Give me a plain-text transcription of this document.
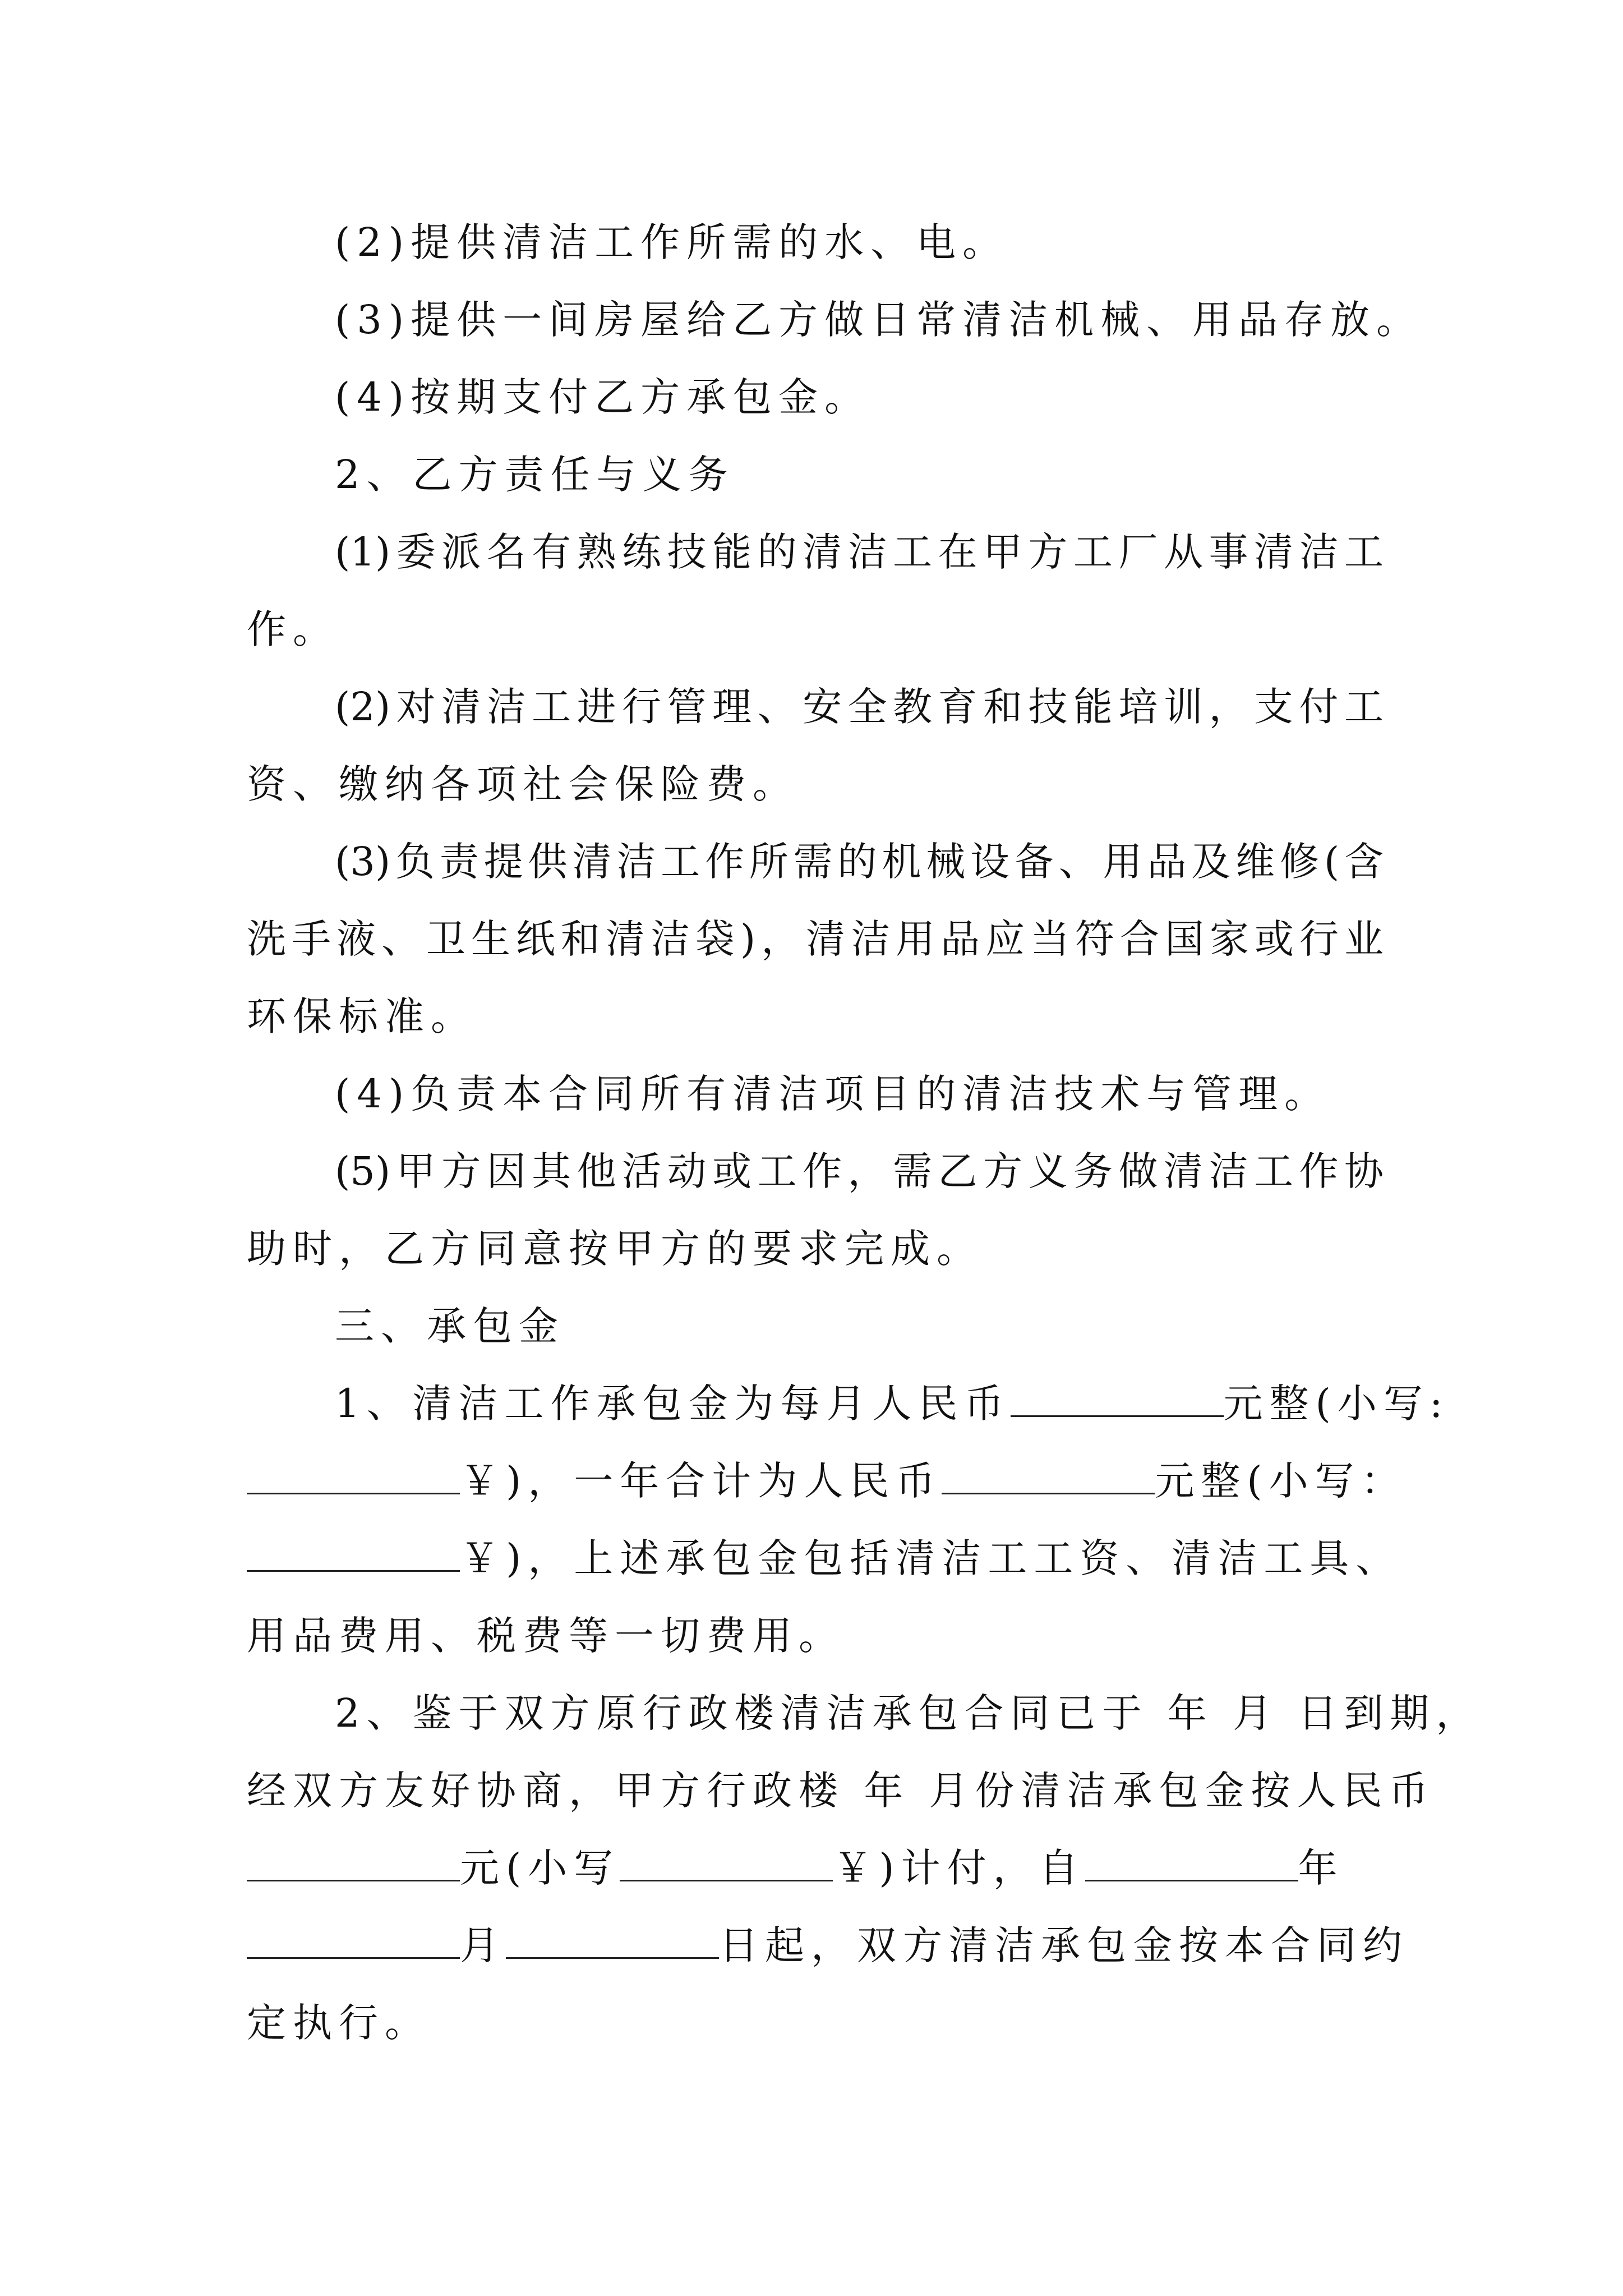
(2)提供清洁工作所需的水、电。

(3)提供一间房屋给乙方做日常清洁机械、用品存放。

(4)按期支付乙方承包金。

2、乙方责任与义务

(1)委派名有熟练技能的清洁工在甲方工厂从事清洁工

作。

(2)对清洁工进行管理、安全教育和技能培训，支付工

资、缴纳各项社会保险费。

(3)负责提供清洁工作所需的机械设备、用品及维修(含

洗手液、卫生纸和清洁袋)，清洁用品应当符合国家或行业

环保标准。

(4)负责本合同所有清洁项目的清洁技术与管理。

(5)甲方因其他活动或工作，需乙方义务做清洁工作协

助时，乙方同意按甲方的要求完成。

三、承包金

1、清洁工作承包金为每月人民币	元整(小写:

￥)，一年合计为人民币	元整(小写：

￥)，上述承包金包括清洁工工资、清洁工具、

用品费用、税费等一切费用。

2、鉴于双方原行政楼清洁承包合同已于 年 月 日到期，

经双方友好协商，甲方行政楼 年 月份清洁承包金按人民币

元(小写	￥)计付，自	年

月	日起，双方清洁承包金按本合同约

定执行。
